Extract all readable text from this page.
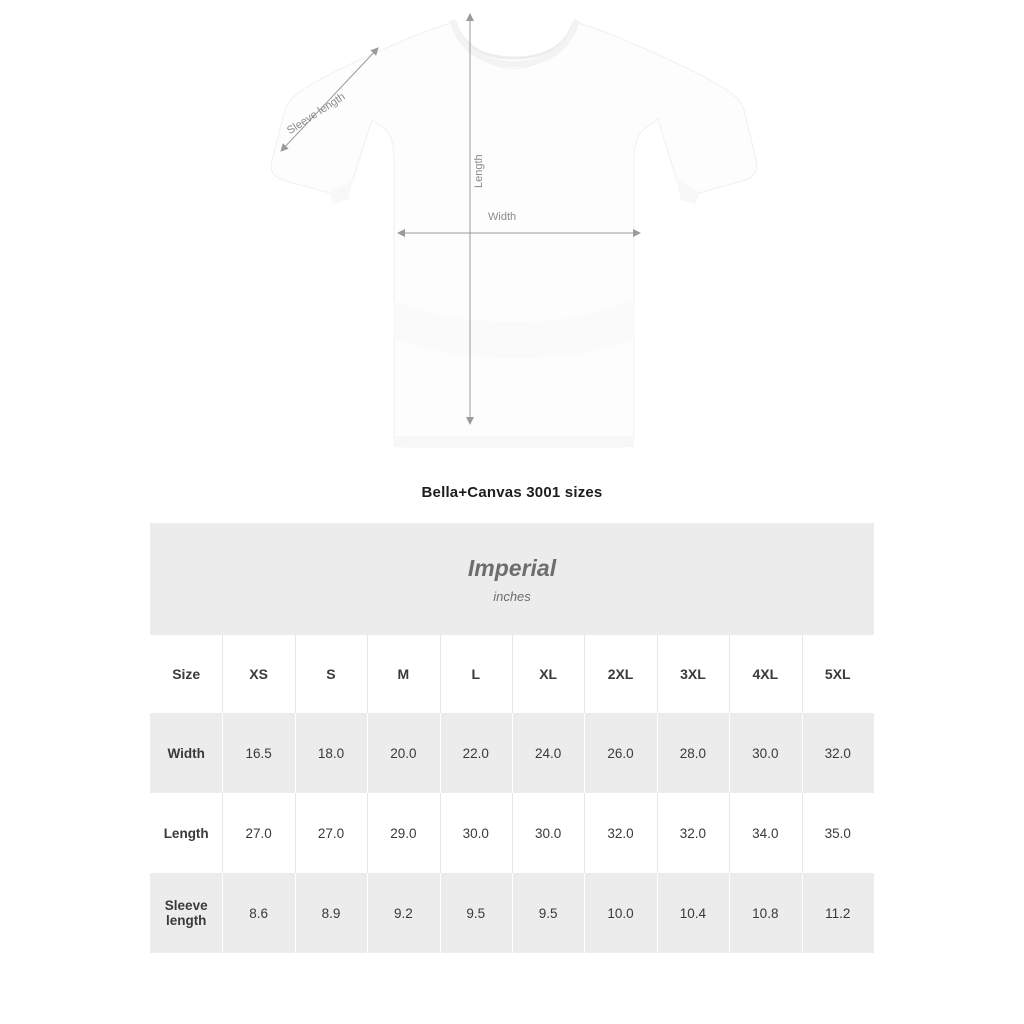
Length
Width
Sleeve length
Bella+Canvas 3001 sizes
Imperial
inches									

Size	XS	S	M	L	XL	2XL	3XL	4XL	5XL
Width	16.5	18.0	20.0	22.0	24.0	26.0	28.0	30.0	32.0
Length	27.0	27.0	29.0	30.0	30.0	32.0	32.0	34.0	35.0
Sleeve length	8.6	8.9	9.2	9.5	9.5	10.0	10.4	10.8	11.2
